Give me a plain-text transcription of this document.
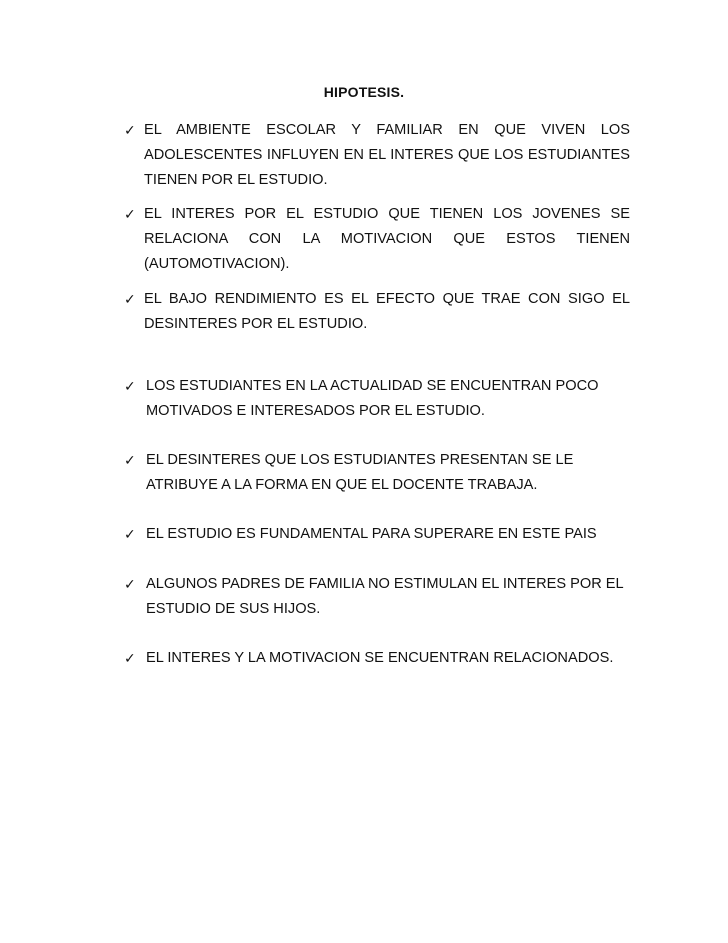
HIPOTESIS.
✓ EL AMBIENTE ESCOLAR Y FAMILIAR EN QUE VIVEN LOS
ADOLESCENTES INFLUYEN EN EL INTERES QUE LOS ESTUDIANTES
TIENEN POR EL ESTUDIO.
✓ EL INTERES POR EL ESTUDIO QUE TIENEN LOS JOVENES SE
RELACIONA CON LA MOTIVACION QUE ESTOS TIENEN
(AUTOMOTIVACION).
✓ EL BAJO RENDIMIENTO ES EL EFECTO QUE TRAE CON SIGO EL
DESINTERES POR EL ESTUDIO.
✓ LOS ESTUDIANTES EN LA ACTUALIDAD SE ENCUENTRAN POCO
MOTIVADOS E INTERESADOS POR EL ESTUDIO.
✓ EL DESINTERES QUE LOS ESTUDIANTES PRESENTAN SE LE
ATRIBUYE A LA FORMA EN QUE EL DOCENTE TRABAJA.
✓ EL ESTUDIO ES FUNDAMENTAL PARA SUPERARE EN ESTE PAIS
✓ ALGUNOS PADRES DE FAMILIA NO ESTIMULAN EL INTERES POR EL
ESTUDIO DE SUS HIJOS.
✓ EL INTERES Y LA MOTIVACION SE ENCUENTRAN RELACIONADOS.
